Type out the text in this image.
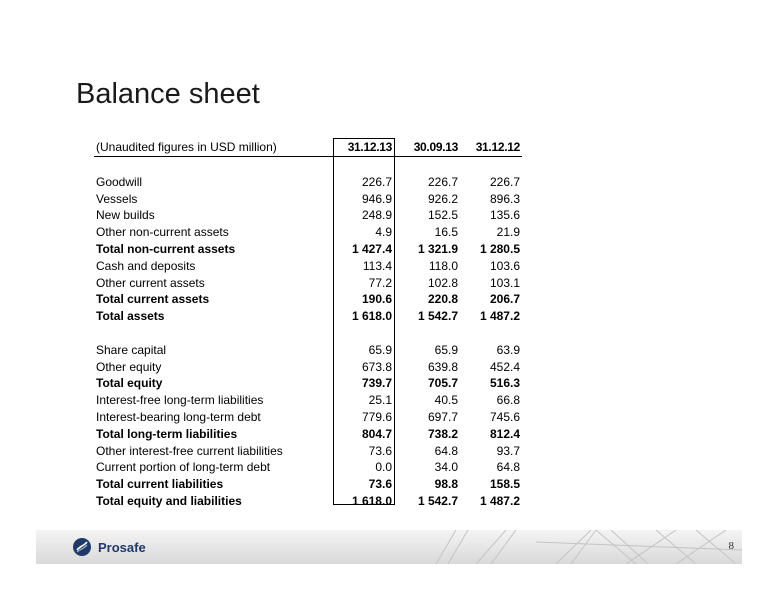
Balance sheet
(Unaudited figures in USD million)	31.12.13	30.09.13	31.12.12
Goodwill	226.7	226.7	226.7
Vessels	946.9	926.2	896.3
New builds	248.9	152.5	135.6
Other non-current assets	4.9	16.5	21.9
Total non-current assets	1 427.4	1 321.9	1 280.5
Cash and deposits	113.4	118.0	103.6
Other current assets	77.2	102.8	103.1
Total current assets	190.6	220.8	206.7
Total assets	1 618.0	1 542.7	1 487.2
Share capital	65.9	65.9	63.9
Other equity	673.8	639.8	452.4
Total equity	739.7	705.7	516.3
Interest-free long-term liabilities	25.1	40.5	66.8
Interest-bearing long-term debt	779.6	697.7	745.6
Total long-term liabilities	804.7	738.2	812.4
Other interest-free current liabilities	73.6	64.8	93.7
Current portion of long-term debt	0.0	34.0	64.8
Total current liabilities	73.6	98.8	158.5
Total equity and liabilities	1 618.0	1 542.7	1 487.2
Prosafe	8
